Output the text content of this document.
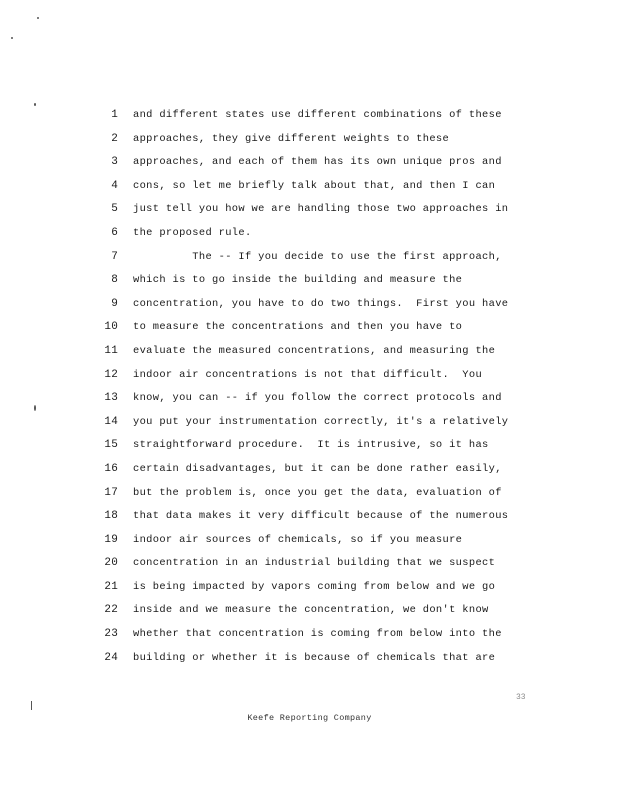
1 and different states use different combinations of these
2 approaches, they give different weights to these
3 approaches, and each of them has its own unique pros and
4 cons, so let me briefly talk about that, and then I can
5 just tell you how we are handling those two approaches in
6 the proposed rule.
7 The -- If you decide to use the first approach,
8 which is to go inside the building and measure the
9 concentration, you have to do two things.  First you have
10 to measure the concentrations and then you have to
11 evaluate the measured concentrations, and measuring the
12 indoor air concentrations is not that difficult.  You
13 know, you can -- if you follow the correct protocols and
14 you put your instrumentation correctly, it's a relatively
15 straightforward procedure.  It is intrusive, so it has
16 certain disadvantages, but it can be done rather easily,
17 but the problem is, once you get the data, evaluation of
18 that data makes it very difficult because of the numerous
19 indoor air sources of chemicals, so if you measure
20 concentration in an industrial building that we suspect
21 is being impacted by vapors coming from below and we go
22 inside and we measure the concentration, we don't know
23 whether that concentration is coming from below into the
24 building or whether it is because of chemicals that are
33
Keefe Reporting Company
